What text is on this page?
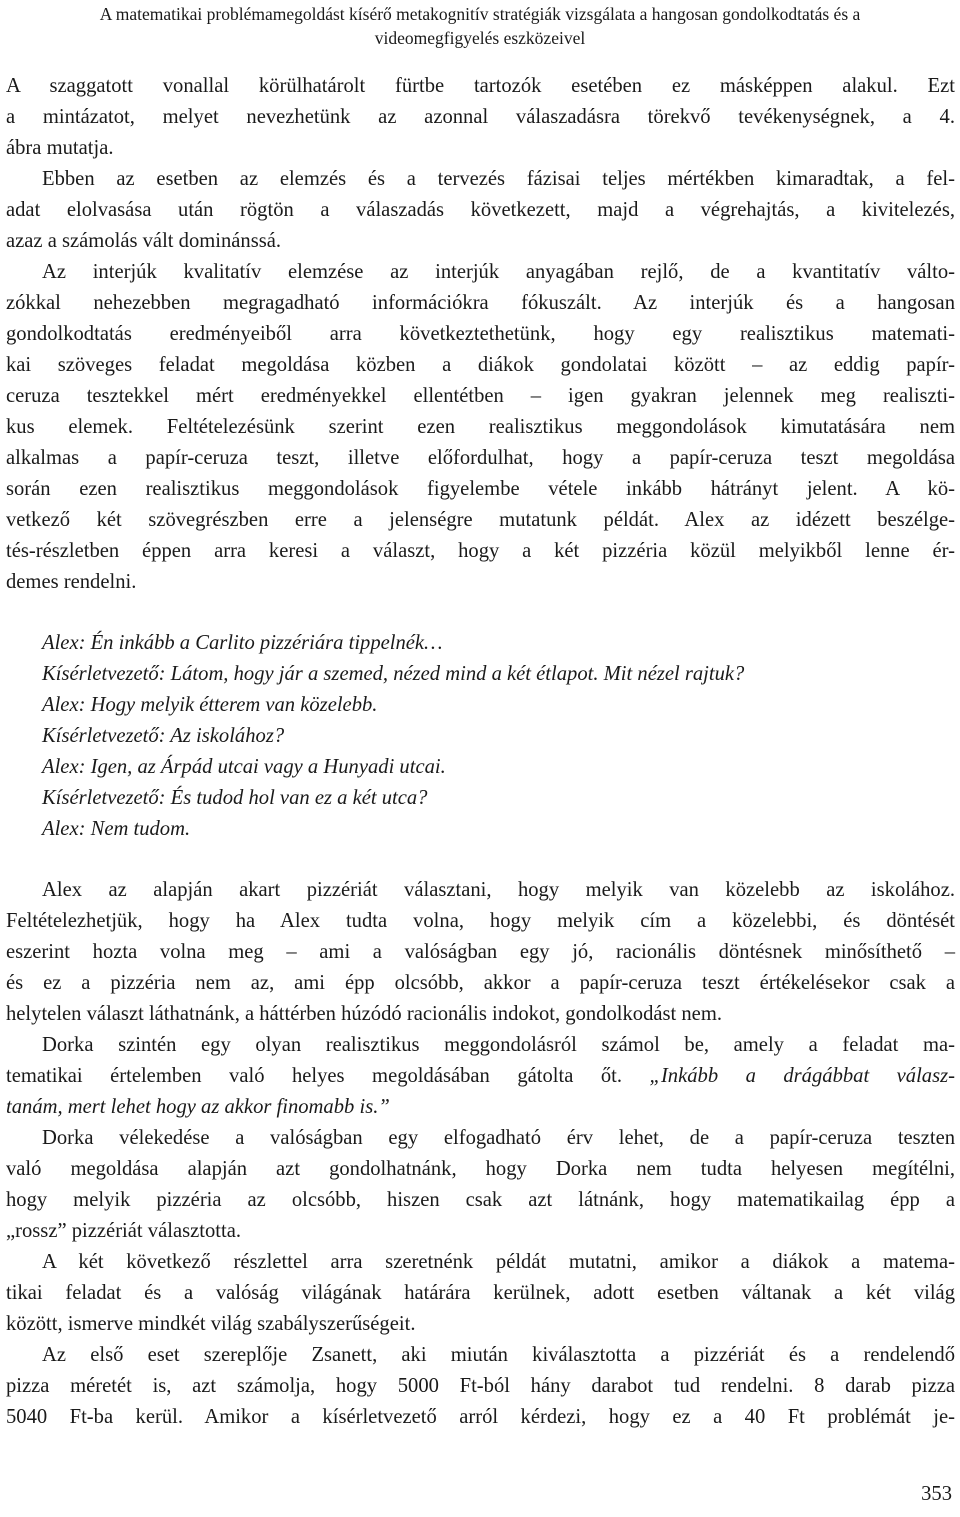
A matematikai problémamegoldást kísérő metakognitív stratégiák vizsgálata a hangosan gondolkodtatás és a
videomegfigyelés eszközeivel
A szaggatott vonallal körülhatárolt fürtbe tartozók esetében ez másképpen alakul. Ezt
a mintázatot, melyet nevezhetünk az azonnal válaszadásra törekvő tevékenységnek, a 4.
ábra mutatja.
Ebben az esetben az elemzés és a tervezés fázisai teljes mértékben kimaradtak, a fel-
adat elolvasása után rögtön a válaszadás következett, majd a végrehajtás, a kivitelezés,
azaz a számolás vált dominánssá.
Az interjúk kvalitatív elemzése az interjúk anyagában rejlő, de a kvantitatív válto-
zókkal nehezebben megragadható információkra fókuszált. Az interjúk és a hangosan
gondolkodtatás eredményeiből arra következtethetünk, hogy egy realisztikus matemati-
kai szöveges feladat megoldása közben a diákok gondolatai között – az eddig papír-
ceruza tesztekkel mért eredményekkel ellentétben – igen gyakran jelennek meg realiszti-
kus elemek. Feltételezésünk szerint ezen realisztikus meggondolások kimutatására nem
alkalmas a papír-ceruza teszt, illetve előfordulhat, hogy a papír-ceruza teszt megoldása
során ezen realisztikus meggondolások figyelembe vétele inkább hátrányt jelent. A kö-
vetkező két szövegrészben erre a jelenségre mutatunk példát. Alex az idézett beszélge-
tés-részletben éppen arra keresi a választ, hogy a két pizzéria közül melyikből lenne ér-
demes rendelni.
Alex: Én inkább a Carlito pizzériára tippelnék…
Kísérletvezető: Látom, hogy jár a szemed, nézed mind a két étlapot. Mit nézel rajtuk?
Alex: Hogy melyik étterem van közelebb.
Kísérletvezető: Az iskolához?
Alex: Igen, az Árpád utcai vagy a Hunyadi utcai.
Kísérletvezető: És tudod hol van ez a két utca?
Alex: Nem tudom.
Alex az alapján akart pizzériát választani, hogy melyik van közelebb az iskolához.
Feltételezhetjük, hogy ha Alex tudta volna, hogy melyik cím a közelebbi, és döntését
eszerint hozta volna meg – ami a valóságban egy jó, racionális döntésnek minősíthető –
és ez a pizzéria nem az, ami épp olcsóbb, akkor a papír-ceruza teszt értékelésekor csak a
helytelen választ láthatnánk, a háttérben húzódó racionális indokot, gondolkodást nem.
Dorka szintén egy olyan realisztikus meggondolásról számol be, amely a feladat ma-
tematikai értelemben való helyes megoldásában gátolta őt. „Inkább a drágábbat válasz-
tanám, mert lehet hogy az akkor finomabb is.”
Dorka vélekedése a valóságban egy elfogadható érv lehet, de a papír-ceruza teszten
való megoldása alapján azt gondolhatnánk, hogy Dorka nem tudta helyesen megítélni,
hogy melyik pizzéria az olcsóbb, hiszen csak azt látnánk, hogy matematikailag épp a
„rossz” pizzériát választotta.
A két következő részlettel arra szeretnénk példát mutatni, amikor a diákok a matema-
tikai feladat és a valóság világának határára kerülnek, adott esetben váltanak a két világ
között, ismerve mindkét világ szabályszerűségeit.
Az első eset szereplője Zsanett, aki miután kiválasztotta a pizzériát és a rendelendő
pizza méretét is, azt számolja, hogy 5000 Ft-ból hány darabot tud rendelni. 8 darab pizza
5040 Ft-ba kerül. Amikor a kísérletvezető arról kérdezi, hogy ez a 40 Ft problémát je-
353
